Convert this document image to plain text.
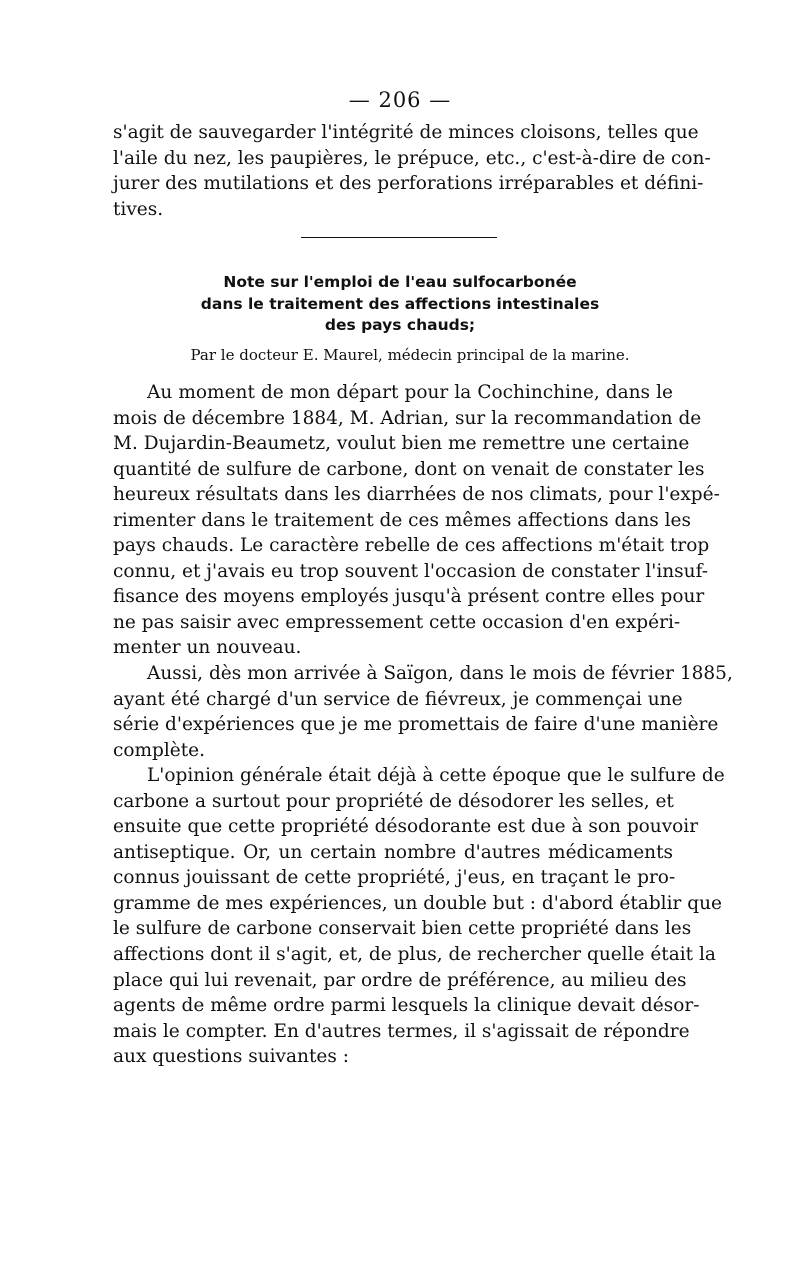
— 206 —
s'agit de sauvegarder l'intégrité de minces cloisons, telles que
l'aile du nez, les paupières, le prépuce, etc., c'est-à-dire de con-
jurer des mutilations et des perforations irréparables et défini-
tives.
Note sur l'emploi de l'eau sulfocarbonée
dans le traitement des affections intestinales
des pays chauds;
Par le docteur E. Maurel, médecin principal de la marine.
Au moment de mon départ pour la Cochinchine, dans le
mois de décembre 1884, M. Adrian, sur la recommandation de
M. Dujardin-Beaumetz, voulut bien me remettre une certaine
quantité de sulfure de carbone, dont on venait de constater les
heureux résultats dans les diarrhées de nos climats, pour l'expé-
rimenter dans le traitement de ces mêmes affections dans les
pays chauds. Le caractère rebelle de ces affections m'était trop
connu, et j'avais eu trop souvent l'occasion de constater l'insuf-
fisance des moyens employés jusqu'à présent contre elles pour
ne pas saisir avec empressement cette occasion d'en expéri-
menter un nouveau.
Aussi, dès mon arrivée à Saïgon, dans le mois de février 1885,
ayant été chargé d'un service de fiévreux, je commençai une
série d'expériences que je me promettais de faire d'une manière
complète.
L'opinion générale était déjà à cette époque que le sulfure de
carbone a surtout pour propriété de désodorer les selles, et
ensuite que cette propriété désodorante est due à son pouvoir
antiseptique. Or, un certain nombre d'autres médicaments
connus jouissant de cette propriété, j'eus, en traçant le pro-
gramme de mes expériences, un double but : d'abord établir que
le sulfure de carbone conservait bien cette propriété dans les
affections dont il s'agit, et, de plus, de rechercher quelle était la
place qui lui revenait, par ordre de préférence, au milieu des
agents de même ordre parmi lesquels la clinique devait désor-
mais le compter. En d'autres termes, il s'agissait de répondre
aux questions suivantes :
